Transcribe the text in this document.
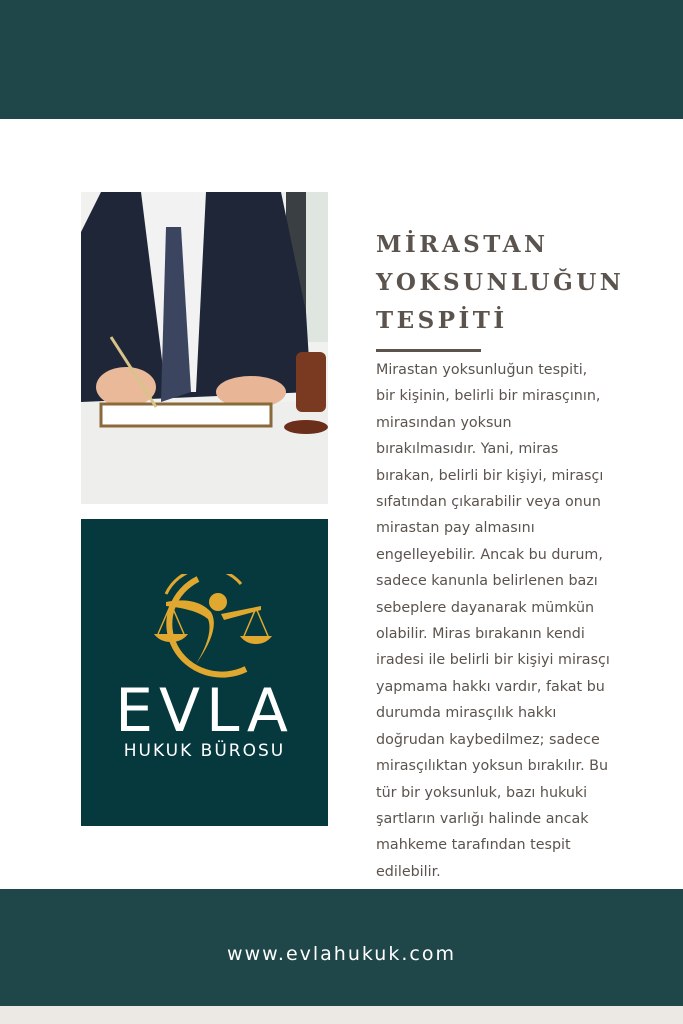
EVLA
HUKUK BÜROSU
MİRASTAN
YOKSUNLUĞUN
TESPİTİ
Mirastan yoksunluğun tespiti,
bir kişinin, belirli bir mirasçının,
mirasından yoksun
bırakılmasıdır. Yani, miras
bırakan, belirli bir kişiyi, mirasçı
sıfatından çıkarabilir veya onun
mirastan pay almasını
engelleyebilir. Ancak bu durum,
sadece kanunla belirlenen bazı
sebeplere dayanarak mümkün
olabilir. Miras bırakanın kendi
iradesi ile belirli bir kişiyi mirasçı
yapmama hakkı vardır, fakat bu
durumda mirasçılık hakkı
doğrudan kaybedilmez; sadece
mirasçılıktan yoksun bırakılır. Bu
tür bir yoksunluk, bazı hukuki
şartların varlığı halinde ancak
mahkeme tarafından tespit
edilebilir.
www.evlahukuk.com
